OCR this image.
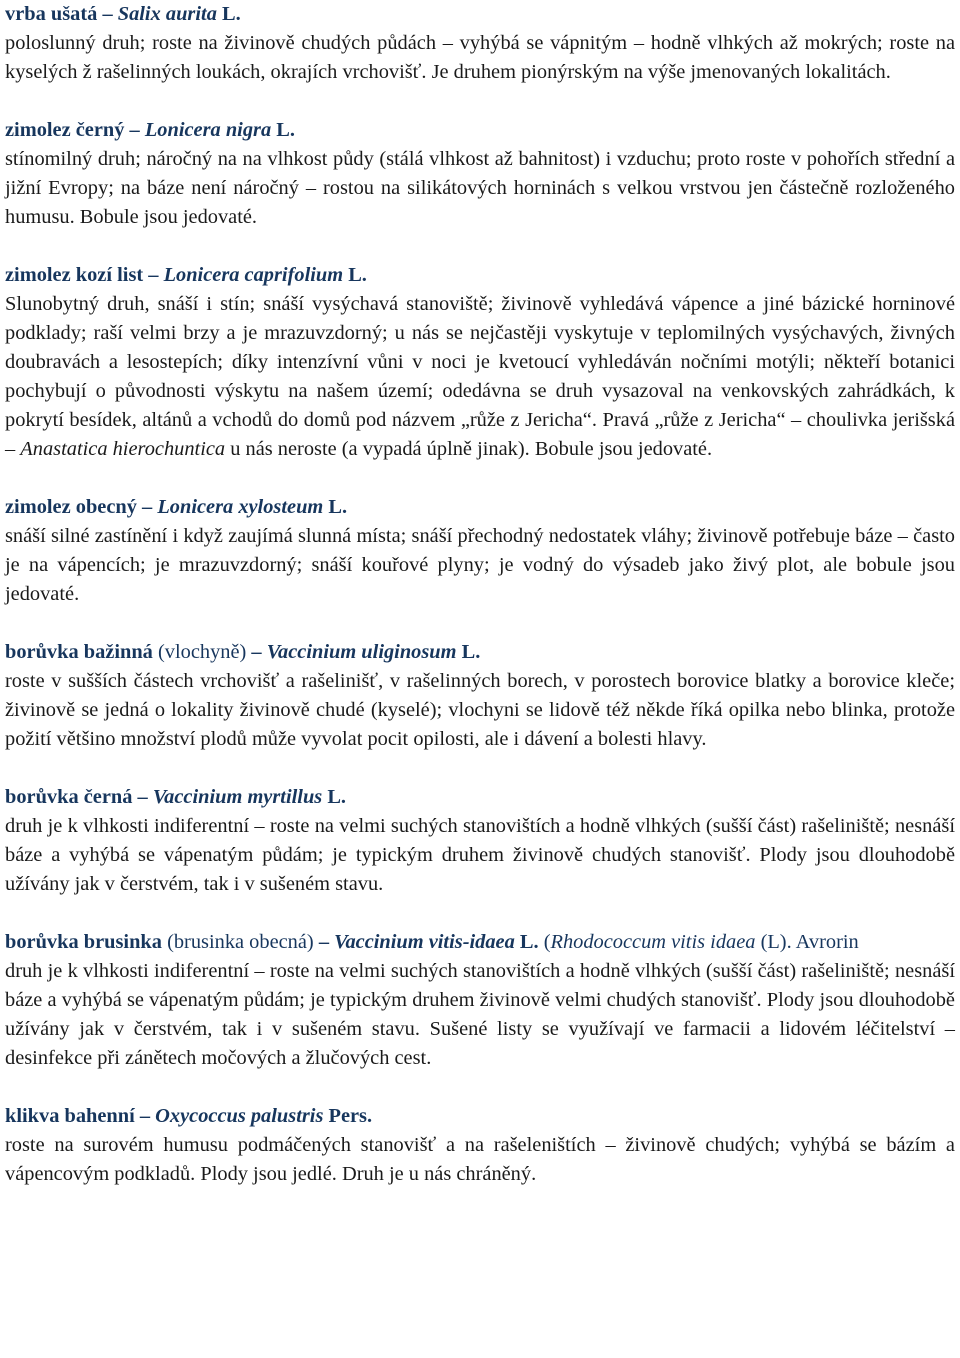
vrba ušatá – Salix aurita L.
poloslunný druh; roste na živinově chudých půdách – vyhýbá se vápnitým – hodně vlhkých až mokrých; roste na kyselých ž rašelinných loukách, okrajích vrchovišť. Je druhem pionýrským na výše jmenovaných lokalitách.
zimolez černý – Lonicera nigra L.
stínomilný druh; náročný na na vlhkost půdy (stálá vlhkost až bahnitost) i vzduchu; proto roste v pohořích střední a jižní Evropy; na báze není náročný – rostou na silikátových horninách s velkou vrstvou jen částečně rozloženého humusu. Bobule jsou jedovaté.
zimolez kozí list – Lonicera caprifolium L.
Slunobytný druh, snáší i stín; snáší vysýchavá stanoviště; živinově vyhledává vápence a jiné bázické horninové podklady; raší velmi brzy a je mrazuvzdorný; u nás se nejčastěji vyskytuje v teplomilných vysýchavých, živných doubravách a lesostepích; díky intenzívní vůni v noci je kvetoucí vyhledáván nočními motýli; někteří botanici pochybují o původnosti výskytu na našem území; odedávna se druh vysazoval na venkovských zahrádkách, k pokrytí besídek, altánů a vchodů do domů pod názvem „růže z Jericha“. Pravá „růže z Jericha“ – choulivka jerišská – Anastatica hierochuntica u nás neroste (a vypadá úplně jinak). Bobule jsou jedovaté.
zimolez obecný – Lonicera xylosteum L.
snáší silné zastínění i když zaujímá slunná místa; snáší přechodný nedostatek vláhy; živinově potřebuje báze – často je na vápencích; je mrazuvzdorný; snáší kouřové plyny; je vodný do výsadeb jako živý plot, ale bobule jsou jedovaté.
borůvka bažinná (vlochyně) – Vaccinium uliginosum L.
roste v sušších částech vrchovišť a rašelinišť, v rašelinných borech, v porostech borovice blatky a borovice kleče; živinově se jedná o lokality živinově chudé (kyselé); vlochyni se lidově též někde říká opilka nebo blinka, protože požití většino množství plodů může vyvolat pocit opilosti, ale i dávení a bolesti hlavy.
borůvka černá – Vaccinium myrtillus L.
druh je k vlhkosti indiferentní – roste na velmi suchých stanovištích a hodně vlhkých (sušší část) rašeliniště; nesnáší báze a vyhýbá se vápenatým půdám; je typickým druhem živinově chudých stanovišť. Plody jsou dlouhodobě užívány jak v čerstvém, tak i v sušeném stavu.
borůvka brusinka (brusinka obecná) – Vaccinium vitis-idaea L. (Rhodococcum vitis idaea (L). Avrorin
druh je k vlhkosti indiferentní – roste na velmi suchých stanovištích a hodně vlhkých (sušší část) rašeliniště; nesnáší báze a vyhýbá se vápenatým půdám; je typickým druhem živinově velmi chudých stanovišť. Plody jsou dlouhodobě užívány jak v čerstvém, tak i v sušeném stavu. Sušené listy se využívají ve farmacii a lidovém léčitelství – desinfekce při zánětech močových a žlučových cest.
klikva bahenní – Oxycoccus palustris Pers.
roste na surovém humusu podmáčených stanovišť a na rašeleništích – živinově chudých; vyhýbá se bázím a vápencovým podkladů. Plody jsou jedlé. Druh je u nás chráněný.
